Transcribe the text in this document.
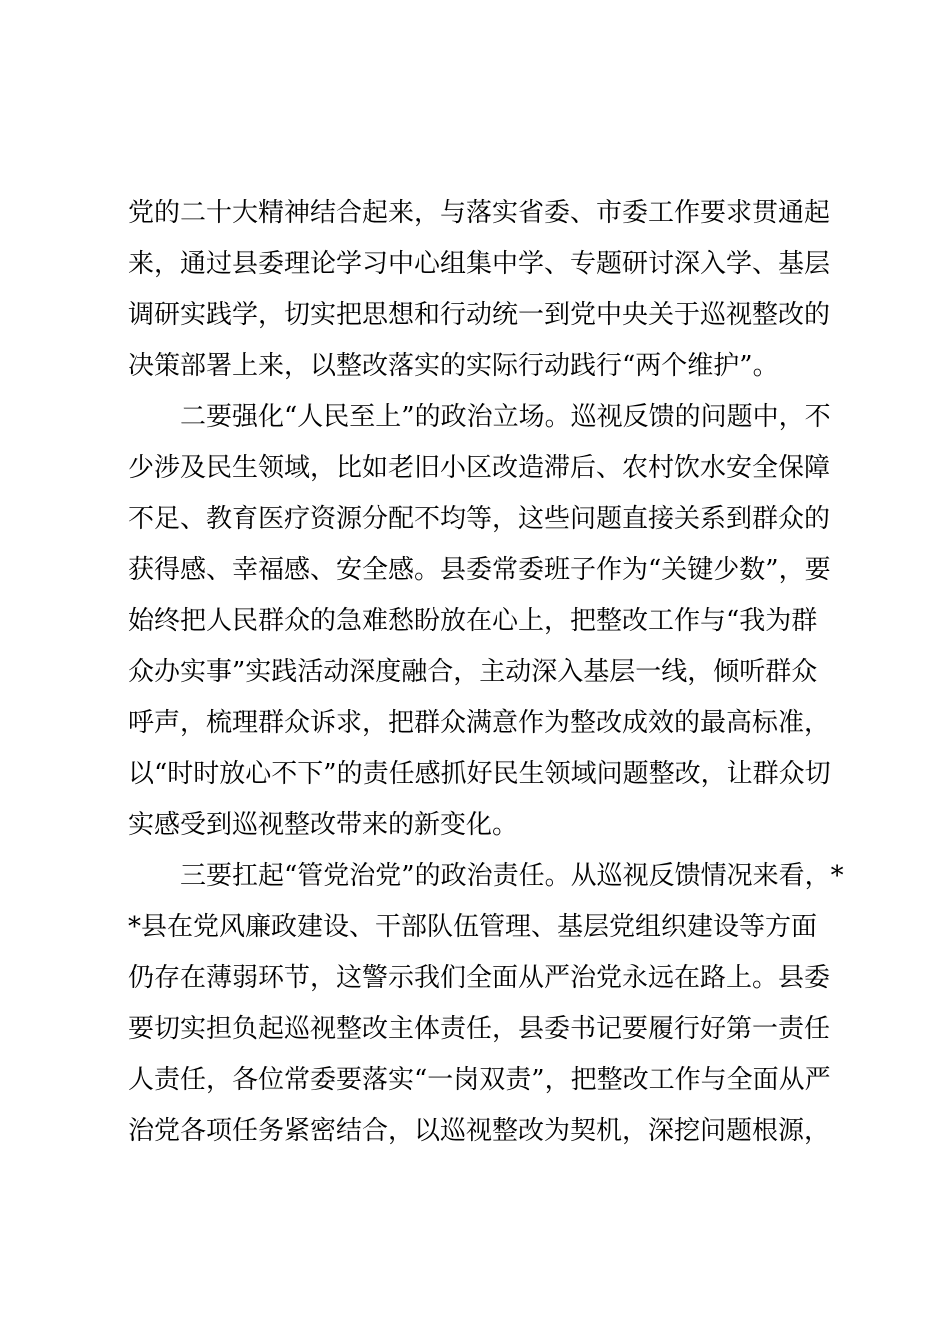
党的二十大精神结合起来，与落实省委、市委工作要求贯通起
来，通过县委理论学习中心组集中学、专题研讨深入学、基层
调研实践学，切实把思想和行动统一到党中央关于巡视整改的
决策部署上来，以整改落实的实际行动践行“两个维护”。
　　二要强化“人民至上”的政治立场。巡视反馈的问题中，不
少涉及民生领域，比如老旧小区改造滞后、农村饮水安全保障
不足、教育医疗资源分配不均等，这些问题直接关系到群众的
获得感、幸福感、安全感。县委常委班子作为“关键少数”，要
始终把人民群众的急难愁盼放在心上，把整改工作与“我为群
众办实事”实践活动深度融合，主动深入基层一线，倾听群众
呼声，梳理群众诉求，把群众满意作为整改成效的最高标准，
以“时时放心不下”的责任感抓好民生领域问题整改，让群众切
实感受到巡视整改带来的新变化。
　　三要扛起“管党治党”的政治责任。从巡视反馈情况来看，*
*县在党风廉政建设、干部队伍管理、基层党组织建设等方面
仍存在薄弱环节，这警示我们全面从严治党永远在路上。县委
要切实担负起巡视整改主体责任，县委书记要履行好第一责任
人责任，各位常委要落实“一岗双责”，把整改工作与全面从严
治党各项任务紧密结合，以巡视整改为契机，深挖问题根源，
